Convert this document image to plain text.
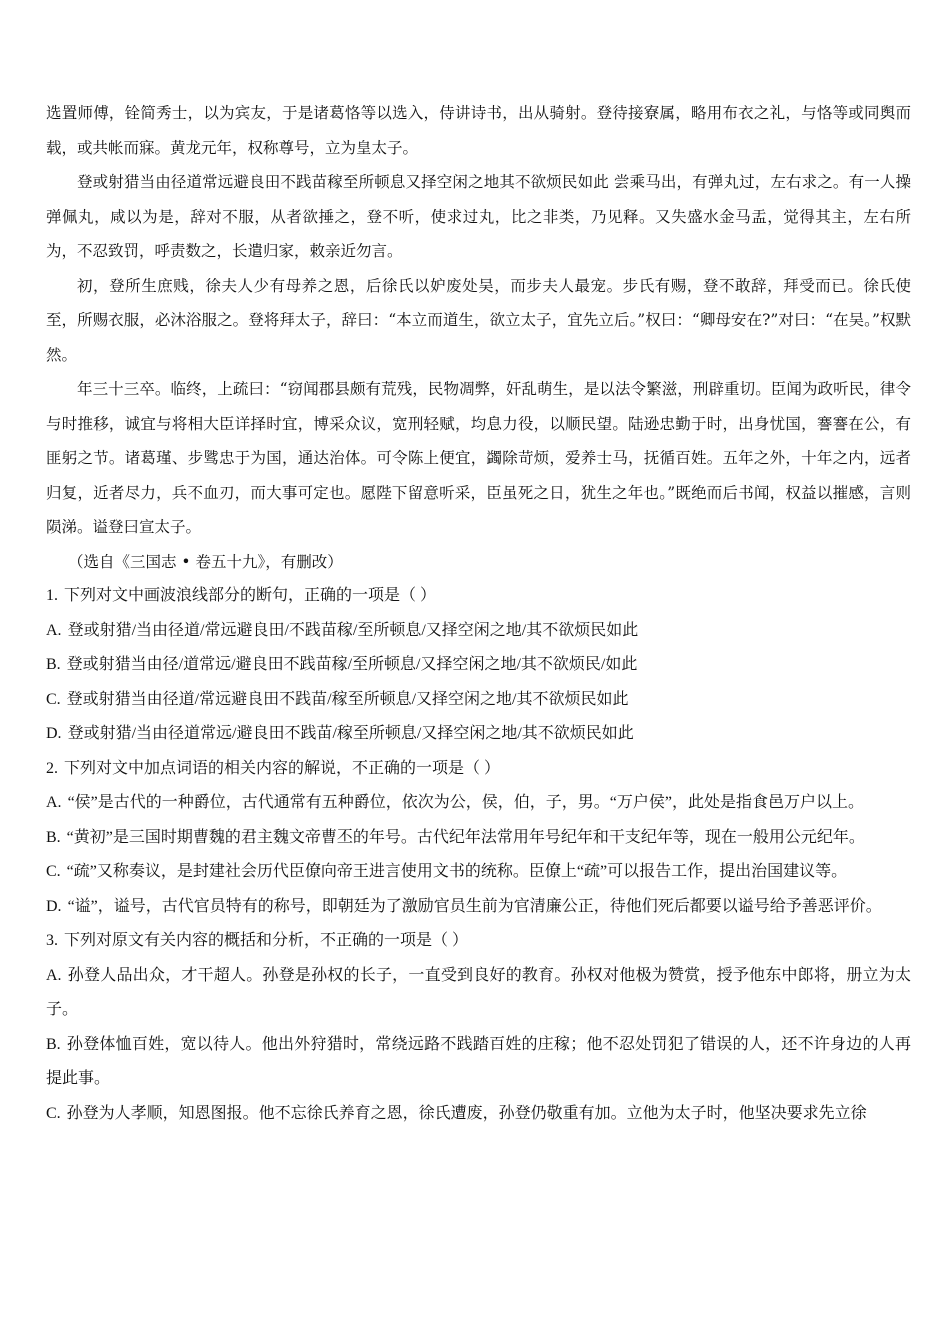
选置师傅，铨简秀士，以为宾友，于是诸葛恪等以选入，侍讲诗书，出从骑射。登待接寮属，略用布衣之礼，与恪等或同舆而载，或共帐而寐。黄龙元年，权称尊号，立为皇太子。

登或射猎当由径道常远避良田不践苗稼至所顿息又择空闲之地其不欲烦民如此 尝乘马出，有弹丸过，左右求之。有一人操弹佩丸，咸以为是，辞对不服，从者欲捶之，登不听，使求过丸，比之非类，乃见释。又失盛水金马盂，觉得其主，左右所为，不忍致罚，呼责数之，长遣归家，敕亲近勿言。

初，登所生庶贱，徐夫人少有母养之恩，后徐氏以妒废处吴，而步夫人最宠。步氏有赐，登不敢辞，拜受而已。徐氏使至，所赐衣服，必沐浴服之。登将拜太子，辞曰：“本立而道生，欲立太子，宜先立后。”权曰：“卿母安在?”对曰：“在吴。”权默然。

年三十三卒。临终，上疏曰：“窃闻郡县颇有荒残，民物凋弊，奸乱萌生，是以法令繁滋，刑辟重切。臣闻为政听民，律令与时推移，诚宜与将相大臣详择时宜，博采众议，宽刑轻赋，均息力役，以顺民望。陆逊忠勤于时，出身忧国，謇謇在公，有匪躬之节。诸葛瑾、步骘忠于为国，通达治体。可令陈上便宜，蠲除苛烦，爱养士马，抚循百姓。五年之外，十年之内，远者归复，近者尽力，兵不血刃，而大事可定也。愿陛下留意听采，臣虽死之日，犹生之年也。”既绝而后书闻，权益以摧感，言则陨涕。谥登曰宣太子。

（选自《三国志 • 卷五十九》，有删改）

1. 下列对文中画波浪线部分的断句，正确的一项是（ ）

A. 登或射猎/当由径道/常远避良田/不践苗稼/至所顿息/又择空闲之地/其不欲烦民如此

B. 登或射猎当由径/道常远/避良田不践苗稼/至所顿息/又择空闲之地/其不欲烦民/如此

C. 登或射猎当由径道/常远避良田不践苗/稼至所顿息/又择空闲之地/其不欲烦民如此

D. 登或射猎/当由径道常远/避良田不践苗/稼至所顿息/又择空闲之地/其不欲烦民如此

2. 下列对文中加点词语的相关内容的解说，不正确的一项是（ ）

A. “侯”是古代的一种爵位，古代通常有五种爵位，依次为公，侯，伯，子，男。“万户侯”，此处是指食邑万户以上。

B. “黄初”是三国时期曹魏的君主魏文帝曹丕的年号。古代纪年法常用年号纪年和干支纪年等，现在一般用公元纪年。

C. “疏”又称奏议，是封建社会历代臣僚向帝王进言使用文书的统称。臣僚上“疏”可以报告工作，提出治国建议等。

D. “谥”，谥号，古代官员特有的称号，即朝廷为了激励官员生前为官清廉公正，待他们死后都要以谥号给予善恶评价。

3. 下列对原文有关内容的概括和分析，不正确的一项是（ ）

A. 孙登人品出众，才干超人。孙登是孙权的长子，一直受到良好的教育。孙权对他极为赞赏，授予他东中郎将，册立为太子。

B. 孙登体恤百姓，宽以待人。他出外狩猎时，常绕远路不践踏百姓的庄稼；他不忍处罚犯了错误的人，还不许身边的人再提此事。

C. 孙登为人孝顺，知恩图报。他不忘徐氏养育之恩，徐氏遭废，孙登仍敬重有加。立他为太子时，他坚决要求先立徐
